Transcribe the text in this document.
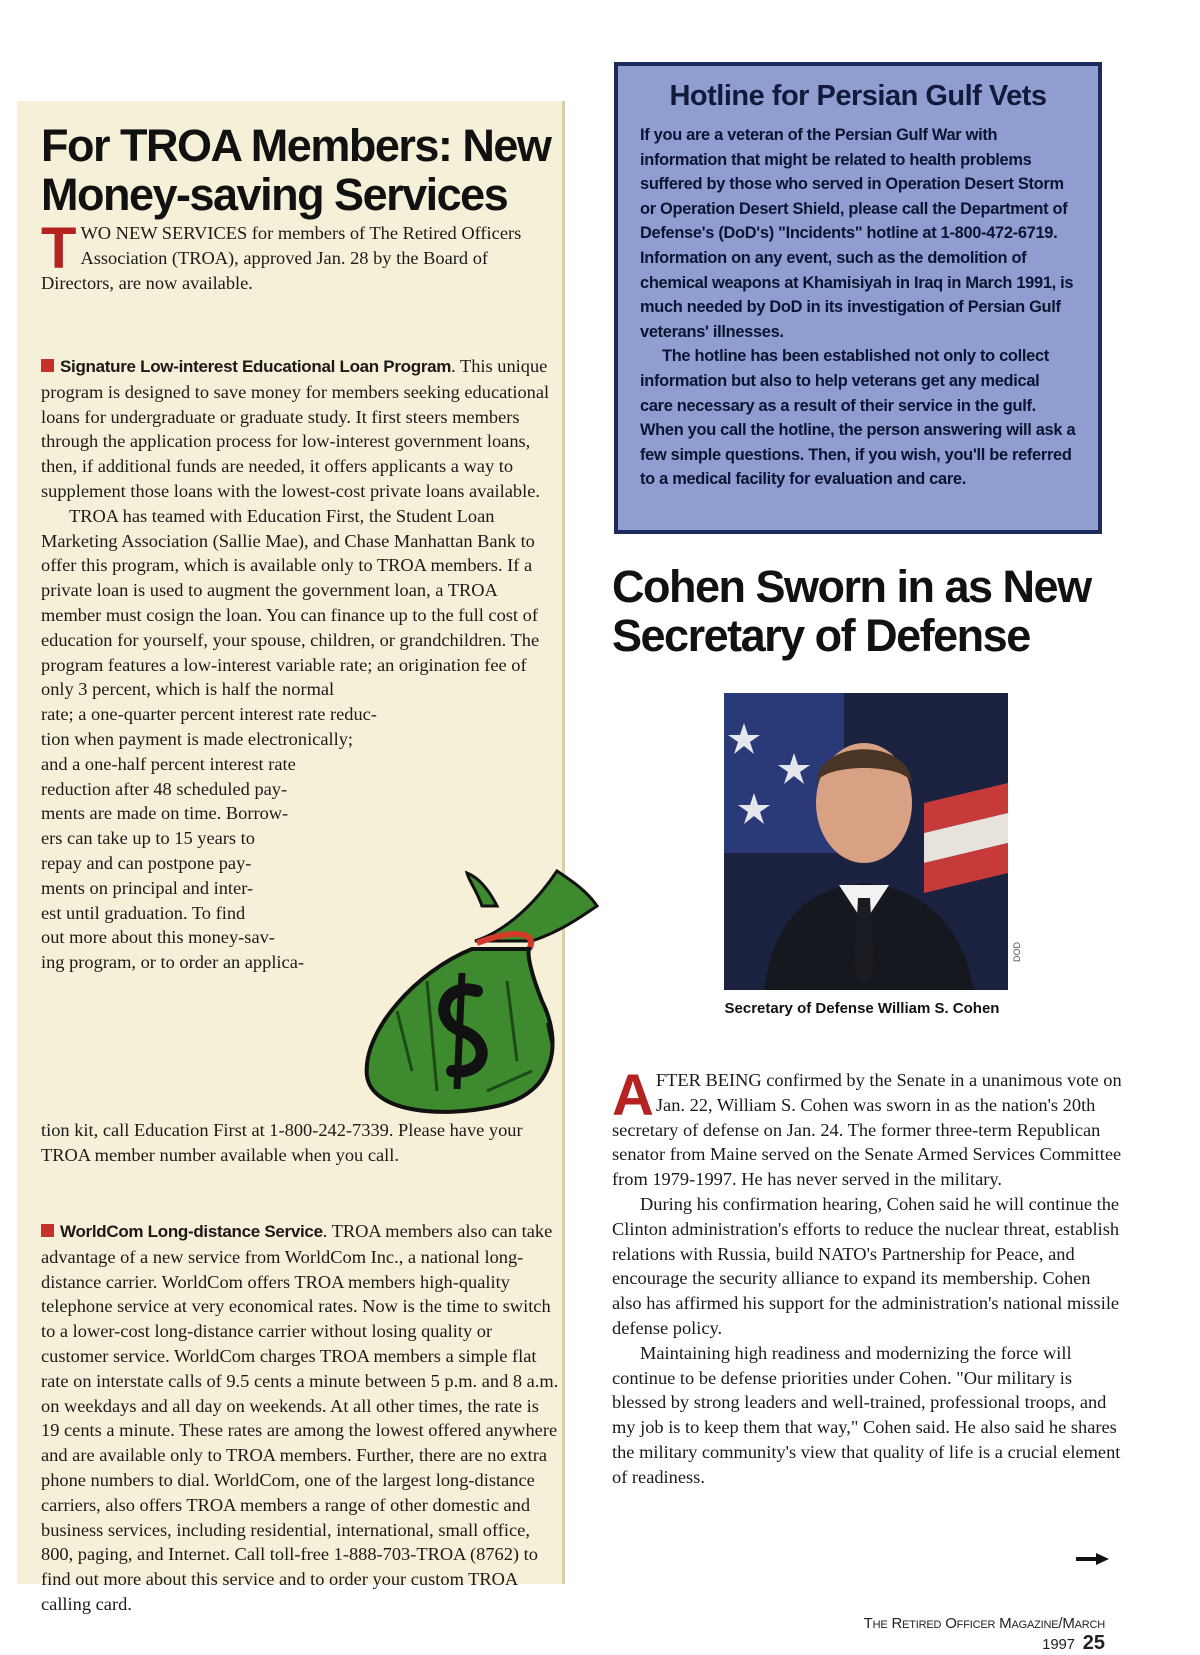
For TROA Members: New
Money-saving Services

TWO NEW SERVICES for members of The Retired Officers Association (TROA), approved Jan. 28 by the Board of Directors, are now available.

Signature Low-interest Educational Loan Program. This unique program is designed to save money for members seeking educational loans for undergraduate or graduate study. It first steers members through the application process for low-interest government loans, then, if additional funds are needed, it offers applicants a way to supplement those loans with the lowest-cost private loans available.

TROA has teamed with Education First, the Student Loan Marketing Association (Sallie Mae), and Chase Manhattan Bank to offer this program, which is available only to TROA members. If a private loan is used to augment the government loan, a TROA member must cosign the loan. You can finance up to the full cost of education for yourself, your spouse, children, or grandchildren. The program features a low-interest variable rate; an origination fee of only 3 percent, which is half the normal

rate; a one-quarter percent interest rate reduc-
tion when payment is made electronically;
and a one-half percent interest rate
reduction after 48 scheduled pay-
ments are made on time. Borrow-
ers can take up to 15 years to
repay and can postpone pay-
ments on principal and inter-
est until graduation. To find
out more about this money-sav-
ing program, or to order an applica-

tion kit, call Education First at 1-800-242-7339. Please have your TROA member number available when you call.

WorldCom Long-distance Service. TROA members also can take advantage of a new service from WorldCom Inc., a national long-distance carrier. WorldCom offers TROA members high-quality telephone service at very economical rates. Now is the time to switch to a lower-cost long-distance carrier without losing quality or customer service. WorldCom charges TROA members a simple flat rate on interstate calls of 9.5 cents a minute between 5 p.m. and 8 a.m. on weekdays and all day on weekends. At all other times, the rate is 19 cents a minute. These rates are among the lowest offered anywhere and are available only to TROA members. Further, there are no extra phone numbers to dial. WorldCom, one of the largest long-distance carriers, also offers TROA members a range of other domestic and business services, including residential, international, small office, 800, paging, and Internet. Call toll-free 1-888-703-TROA (8762) to find out more about this service and to order your custom TROA calling card.

Hotline for Persian Gulf Vets

If you are a veteran of the Persian Gulf War with information that might be related to health problems suffered by those who served in Operation Desert Storm or Operation Desert Shield, please call the Department of Defense's (DoD's) "Incidents" hotline at 1-800-472-6719. Information on any event, such as the demolition of chemical weapons at Khamisiyah in Iraq in March 1991, is much needed by DoD in its investigation of Persian Gulf veterans' illnesses.

The hotline has been established not only to collect information but also to help veterans get any medical care necessary as a result of their service in the gulf. When you call the hotline, the person answering will ask a few simple questions. Then, if you wish, you'll be referred to a medical facility for evaluation and care.

Cohen Sworn in as New
Secretary of Defense
DOD
Secretary of Defense William S. Cohen

AFTER BEING confirmed by the Senate in a unanimous vote on Jan. 22, William S. Cohen was sworn in as the nation's 20th secretary of defense on Jan. 24. The former three-term Republican senator from Maine served on the Senate Armed Services Committee from 1979-1997. He has never served in the military.

During his confirmation hearing, Cohen said he will continue the Clinton administration's efforts to reduce the nuclear threat, establish relations with Russia, build NATO's Partnership for Peace, and encourage the security alliance to expand its membership. Cohen also has affirmed his support for the administration's national missile defense policy.

Maintaining high readiness and modernizing the force will continue to be defense priorities under Cohen. "Our military is blessed by strong leaders and well-trained, professional troops, and my job is to keep them that way," Cohen said. He also said he shares the military community's view that quality of life is a crucial element of readiness.

The Retired Officer Magazine/March 1997 25
